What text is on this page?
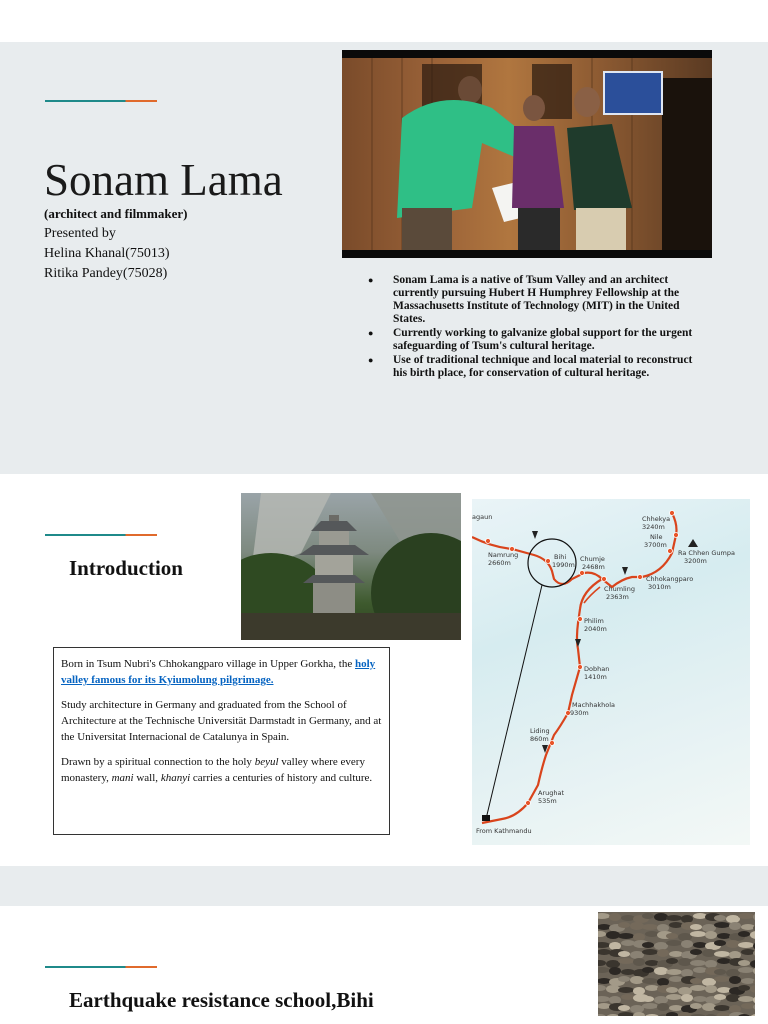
Sonam Lama
(architect and filmmaker)
Presented by
Helina Khanal(75013)
Ritika Pandey(75028)
●	Sonam Lama is a native of Tsum Valley and an architect currently pursuing Hubert H Humphrey Fellowship at the Massachusetts Institute of Technology (MIT) in the United States.
● Currently working to galvanize global support for the urgent safeguarding of Tsum's cultural heritage.
● Use of traditional technique and local material to reconstruct his birth place, for conservation of cultural heritage.
Introduction

Born in Tsum Nubri's Chhokangparo village in Upper Gorkha, the holy valley famous for its Kyiumolung pilgrimage.

Study architecture in Germany and graduated from the School of Architecture at the Technische Universität Darmstadt in Germany, and at the Universitat Internacional de Catalunya in Spain.

Drawn by a spiritual connection to the holy beyul valley where every monastery, mani wall, khanyi carries a centuries of history and culture.

agaun	Chhekya
3240m
Nile
3700m
Ra Chhen Gumpa
3200m
Namrung
2660m
Bihi
1990m
Chumje
2468m
Chhokangparo
3010m
Chumling
2363m
Philim
2040m
Dobhan
1410m
Machhakhola
930m
Liding
860m
Arughat
535m
From Kathmandu
Earthquake resistance school,Bihi
